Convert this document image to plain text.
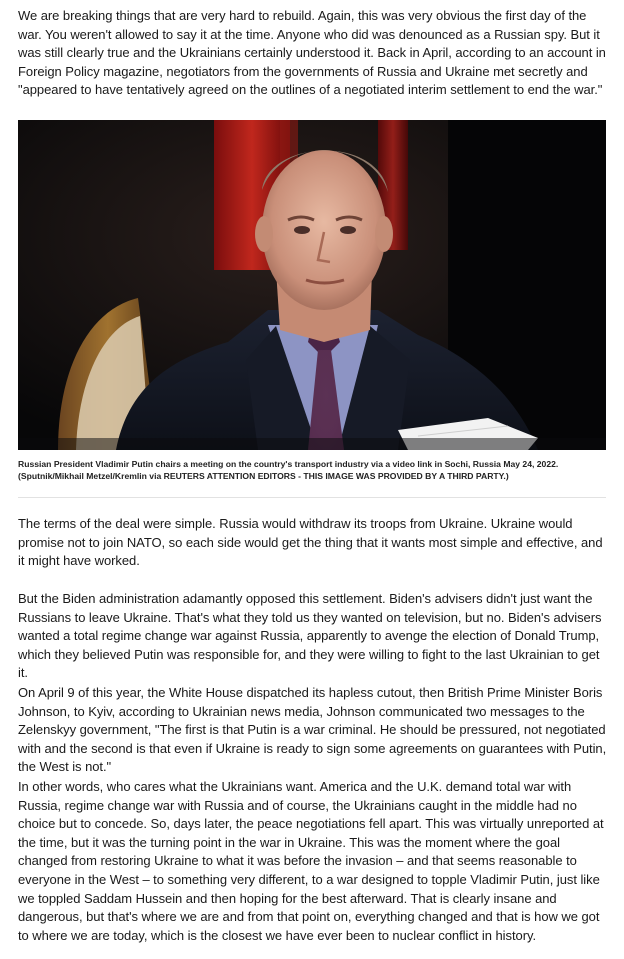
We are breaking things that are very hard to rebuild. Again, this was very obvious the first day of the war. You weren't allowed to say it at the time. Anyone who did was denounced as a Russian spy. But it was still clearly true and the Ukrainians certainly understood it. Back in April, according to an account in Foreign Policy magazine, negotiators from the governments of Russia and Ukraine met secretly and "appeared to have tentatively agreed on the outlines of a negotiated interim settlement to end the war."

Russian President Vladimir Putin chairs a meeting on the country's transport industry via a video link in Sochi, Russia May 24, 2022. (Sputnik/Mikhail Metzel/Kremlin via REUTERS ATTENTION EDITORS - THIS IMAGE WAS PROVIDED BY A THIRD PARTY.)

The terms of the deal were simple. Russia would withdraw its troops from Ukraine. Ukraine would promise not to join NATO, so each side would get the thing that it wants most simple and effective, and it might have worked.

But the Biden administration adamantly opposed this settlement. Biden's advisers didn't just want the Russians to leave Ukraine. That's what they told us they wanted on television, but no. Biden's advisers wanted a total regime change war against Russia, apparently to avenge the election of Donald Trump, which they believed Putin was responsible for, and they were willing to fight to the last Ukrainian to get it.

On April 9 of this year, the White House dispatched its hapless cutout, then British Prime Minister Boris Johnson, to Kyiv, according to Ukrainian news media, Johnson communicated two messages to the Zelenskyy government, "The first is that Putin is a war criminal. He should be pressured, not negotiated with and the second is that even if Ukraine is ready to sign some agreements on guarantees with Putin, the West is not."

In other words, who cares what the Ukrainians want. America and the U.K. demand total war with Russia, regime change war with Russia and of course, the Ukrainians caught in the middle had no choice but to concede. So, days later, the peace negotiations fell apart. This was virtually unreported at the time, but it was the turning point in the war in Ukraine. This was the moment where the goal changed from restoring Ukraine to what it was before the invasion – and that seems reasonable to everyone in the West – to something very different, to a war designed to topple Vladimir Putin, just like we toppled Saddam Hussein and then hoping for the best afterward. That is clearly insane and dangerous, but that's where we are and from that point on, everything changed and that is how we got to where we are today, which is the closest we have ever been to nuclear conflict in history.
